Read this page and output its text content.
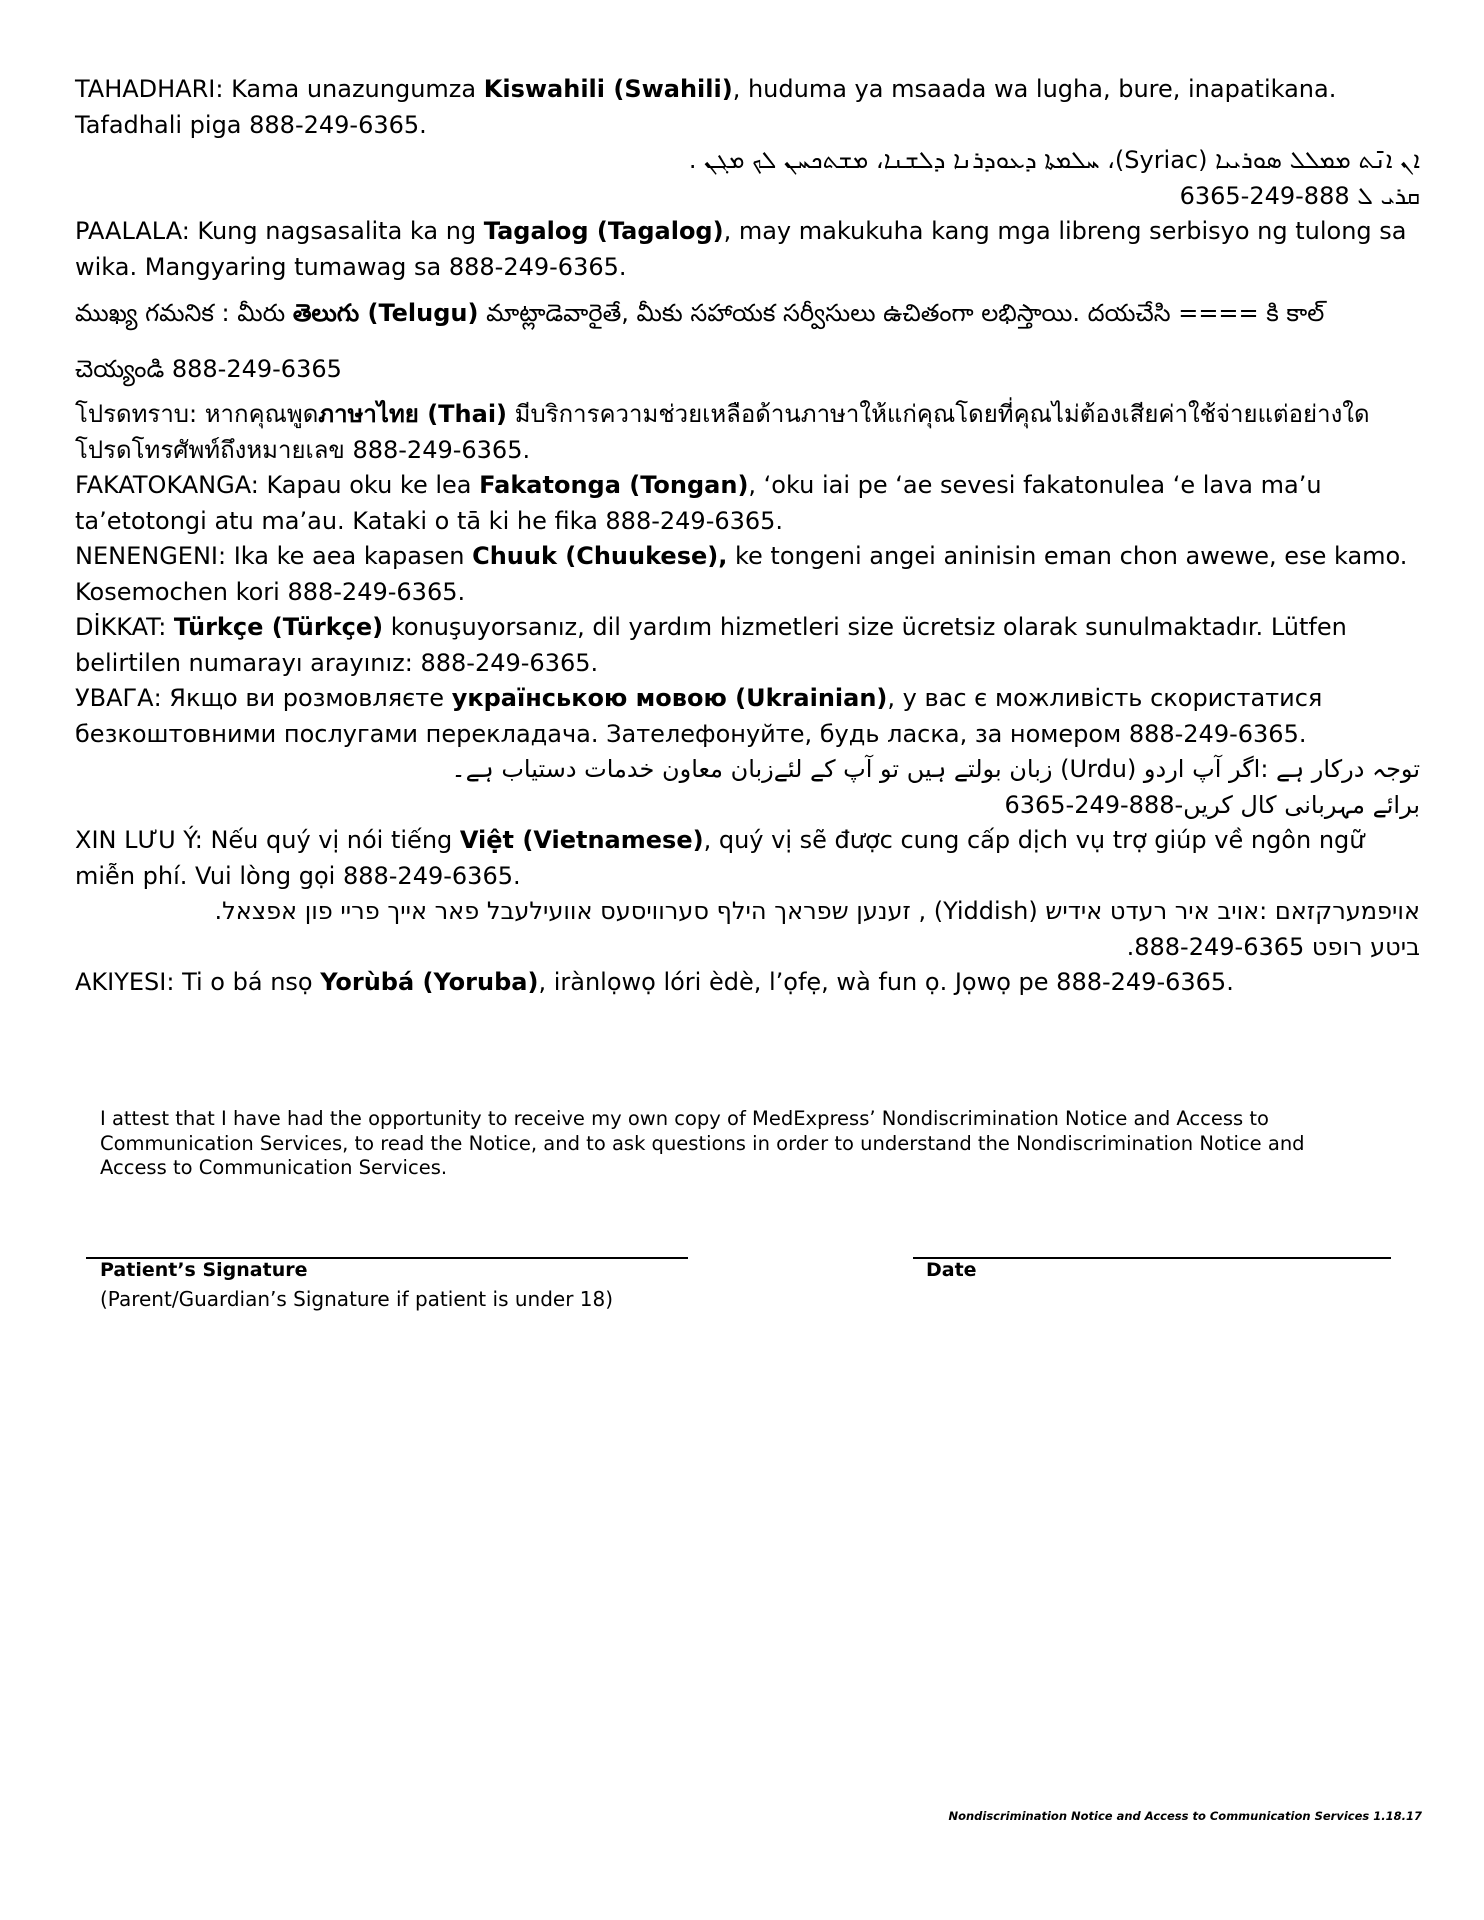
TAHADHARI: Kama unazungumza Kiswahili (Swahili), huduma ya msaada wa lugha, bure, inapatikana. Tafadhali piga 888-249-6365.

ܐܢ ܐܢ̄ܬ ܡܡܠܠ ܣܘܪܝܝܐ (Syriac)، ܚܠܡܬܐ ܕܥܘܕܪܢܐ ܕܠܫܢܐ، ܡܫܬܟܚܢ ܠܟ ܡܓܢ .
ܩܪܝ ܠ 888-249-6365

PAALALA: Kung nagsasalita ka ng Tagalog (Tagalog), may makukuha kang mga libreng serbisyo ng tulong sa wika. Mangyaring tumawag sa 888-249-6365.

ముఖ్య గమనిక : మీరు తెలుగు (Telugu) మాట్లాడెవారైతే, మీకు సహాయక సర్వీసులు ఉచితంగా లభిస్తాయి. దయచేసి ==== కి కాల్ చెయ్యండి 888-249-6365

โปรดทราบ: หากคุณพูดภาษาไทย (Thai) มีบริการความช่วยเหลือด้านภาษาให้แก่คุณโดยที่คุณไม่ต้องเสียค่าใช้จ่ายแต่อย่างใด โปรดโทรศัพท์ถึงหมายเลข 888-249-6365.

FAKATOKANGA: Kapau oku ke lea Fakatonga (Tongan), ‘oku iai pe ‘ae sevesi fakatonulea ‘e lava ma’u ta’etotongi atu ma’au. Kataki o tā ki he fika 888-249-6365.

NENENGENI: Ika ke aea kapasen Chuuk (Chuukese), ke tongeni angei aninisin eman chon awewe, ese kamo. Kosemochen kori 888-249-6365.

DİKKAT: Türkçe (Türkçe) konuşuyorsanız, dil yardım hizmetleri size ücretsiz olarak sunulmaktadır. Lütfen belirtilen numarayı arayınız: 888-249-6365.

УВАГА: Якщо ви розмовляєте українською мовою (Ukrainian), у вас є можливість скористатися безкоштовними послугами перекладача. Зателефонуйте, будь ласка, за номером 888-249-6365.

توجہ درکار ہے :اگر آپ اردو (Urdu) زبان بولتے ہیں تو آپ کے لئےزبان معاون خدمات دستیاب ہے۔
برائے مہربانی کال کریں-888-249-6365

XIN LƯU Ý: Nếu quý vị nói tiếng Việt (Vietnamese), quý vị sẽ được cung cấp dịch vụ trợ giúp về ngôn ngữ miễn phí. Vui lòng gọi 888-249-6365.

אויפמערקזאם :אויב איר רעדט אידיש (Yiddish) , זענען שפראך הילף סערוויסעס אוועילעבל פאר אייך פריי פון אפצאל.
ביטע רופט 888-249-6365.

AKIYESI: Ti o bá nsọ Yorùbá (Yoruba), irànlọwọ lóri èdè, l’ọfẹ, wà fun ọ. Jọwọ pe 888-249-6365.

I attest that I have had the opportunity to receive my own copy of MedExpress’ Nondiscrimination Notice and Access to Communication Services, to read the Notice, and to ask questions in order to understand the Nondiscrimination Notice and Access to Communication Services.

Patient’s Signature	Date
(Parent/Guardian’s Signature if patient is under 18)
Nondiscrimination Notice and Access to Communication Services 1.18.17
